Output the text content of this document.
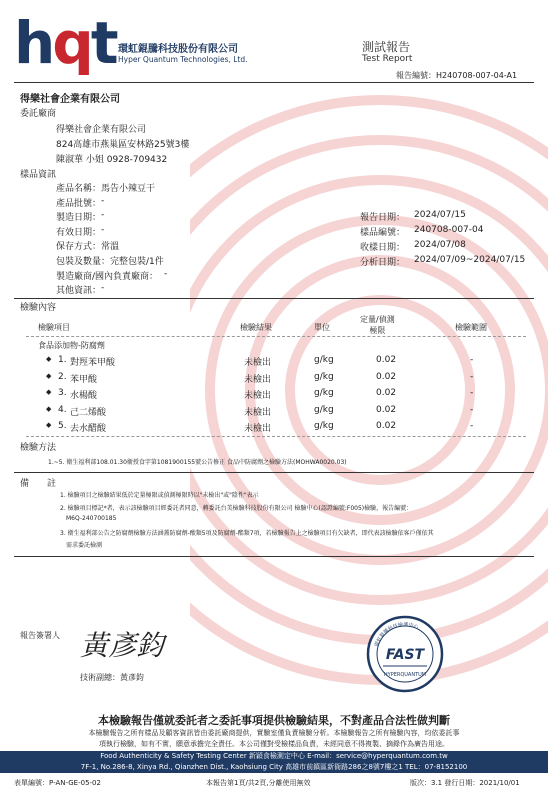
hqt 環虹錕騰科技股份有限公司
Hyper Quantum Technologies, Ltd.
測試報告
Test Report
報告編號：H240708-007-04-A1
得樂社會企業有限公司
委託廠商
得樂社會企業有限公司
824高雄市燕巢區安林路25號3樓
陳淑華 小姐 0928-709432
樣品資訊
產品名稱： 馬告小辣豆干
產品批號： -
製造日期： -
有效日期： -
保存方式： 常溫
包裝及數量： 完整包裝/1件
製造廠商/國內負責廠商： -
其他資訊： -
報告日期： 2024/07/15
樣品編號： 240708-007-04
收樣日期： 2024/07/08
分析日期： 2024/07/09~2024/07/15
檢驗內容
檢驗項目	檢驗結果	單位
定量/偵測
極限	檢驗範圍
食品添加物-防腐劑
◆ 1. 對羥苯甲酸	未檢出	g/kg	0.02	-
◆ 2. 苯甲酸	未檢出	g/kg	0.02	-
◆ 3. 水楊酸	未檢出	g/kg	0.02	-
◆ 4. 己二烯酸	未檢出	g/kg	0.02	-
◆ 5. 去水醋酸	未檢出	g/kg	0.02	-
檢驗方法
1.~5. 衛生福利部108.01.30衛授食字第1081900155號公告修正 食品中防腐劑之檢驗方法(MOHWA0020.03)
備　　註
1. 檢驗項目之檢驗結果低於定量極限或偵測極限時以"未檢出"或"陰性"表示
2. 檢驗項目標記*者，表示該檢驗項目經委託者同意，轉委託台美檢驗科技股份有限公司 檢驗中心(認證編號:F005)檢驗，報告編號：
M6Q-240700185
3. 衛生福利部公告之防腐劑檢驗方法涵蓋防腐劑-酸類5項及防腐劑-酯類7項，若檢驗報告上之檢驗項目有欠缺者，即代表該檢驗依客戶僅依其
需求委託檢測
報告簽署人 黃彥鈞
技術副總：黃彥鈞
環虹錕騰科技檢測中心
FAST
HYPERQUANTUM
本檢驗報告僅就委託者之委託事項提供檢驗結果，不對產品合法性做判斷
本檢驗報告之所有樣品及顧客資訊皆由委託廠商提供，實驗室僅負責檢驗分析。本檢驗報告之所有檢驗內容，均依委託事
項執行檢驗，如有不實，願意承擔完全責任。本公司僅對受檢樣品負責，未經同意不得複製、摘錄作為廣告用途。
Food Authenticity & Safety Testing Center 新穎食檢測定中心 E-mail：service@hyperquantum.com.tw
7F-1, No.286-8, Xinya Rd., Qianzhen Dist., Kaohsiung City 高雄市前鎮區新衙路286之8號7樓之1 TEL：07-8152100
表單編號：P-AN-GE-05-02	本報告第1頁/共2頁,分離使用無效	版次：3.1 發行日期：2021/10/01
